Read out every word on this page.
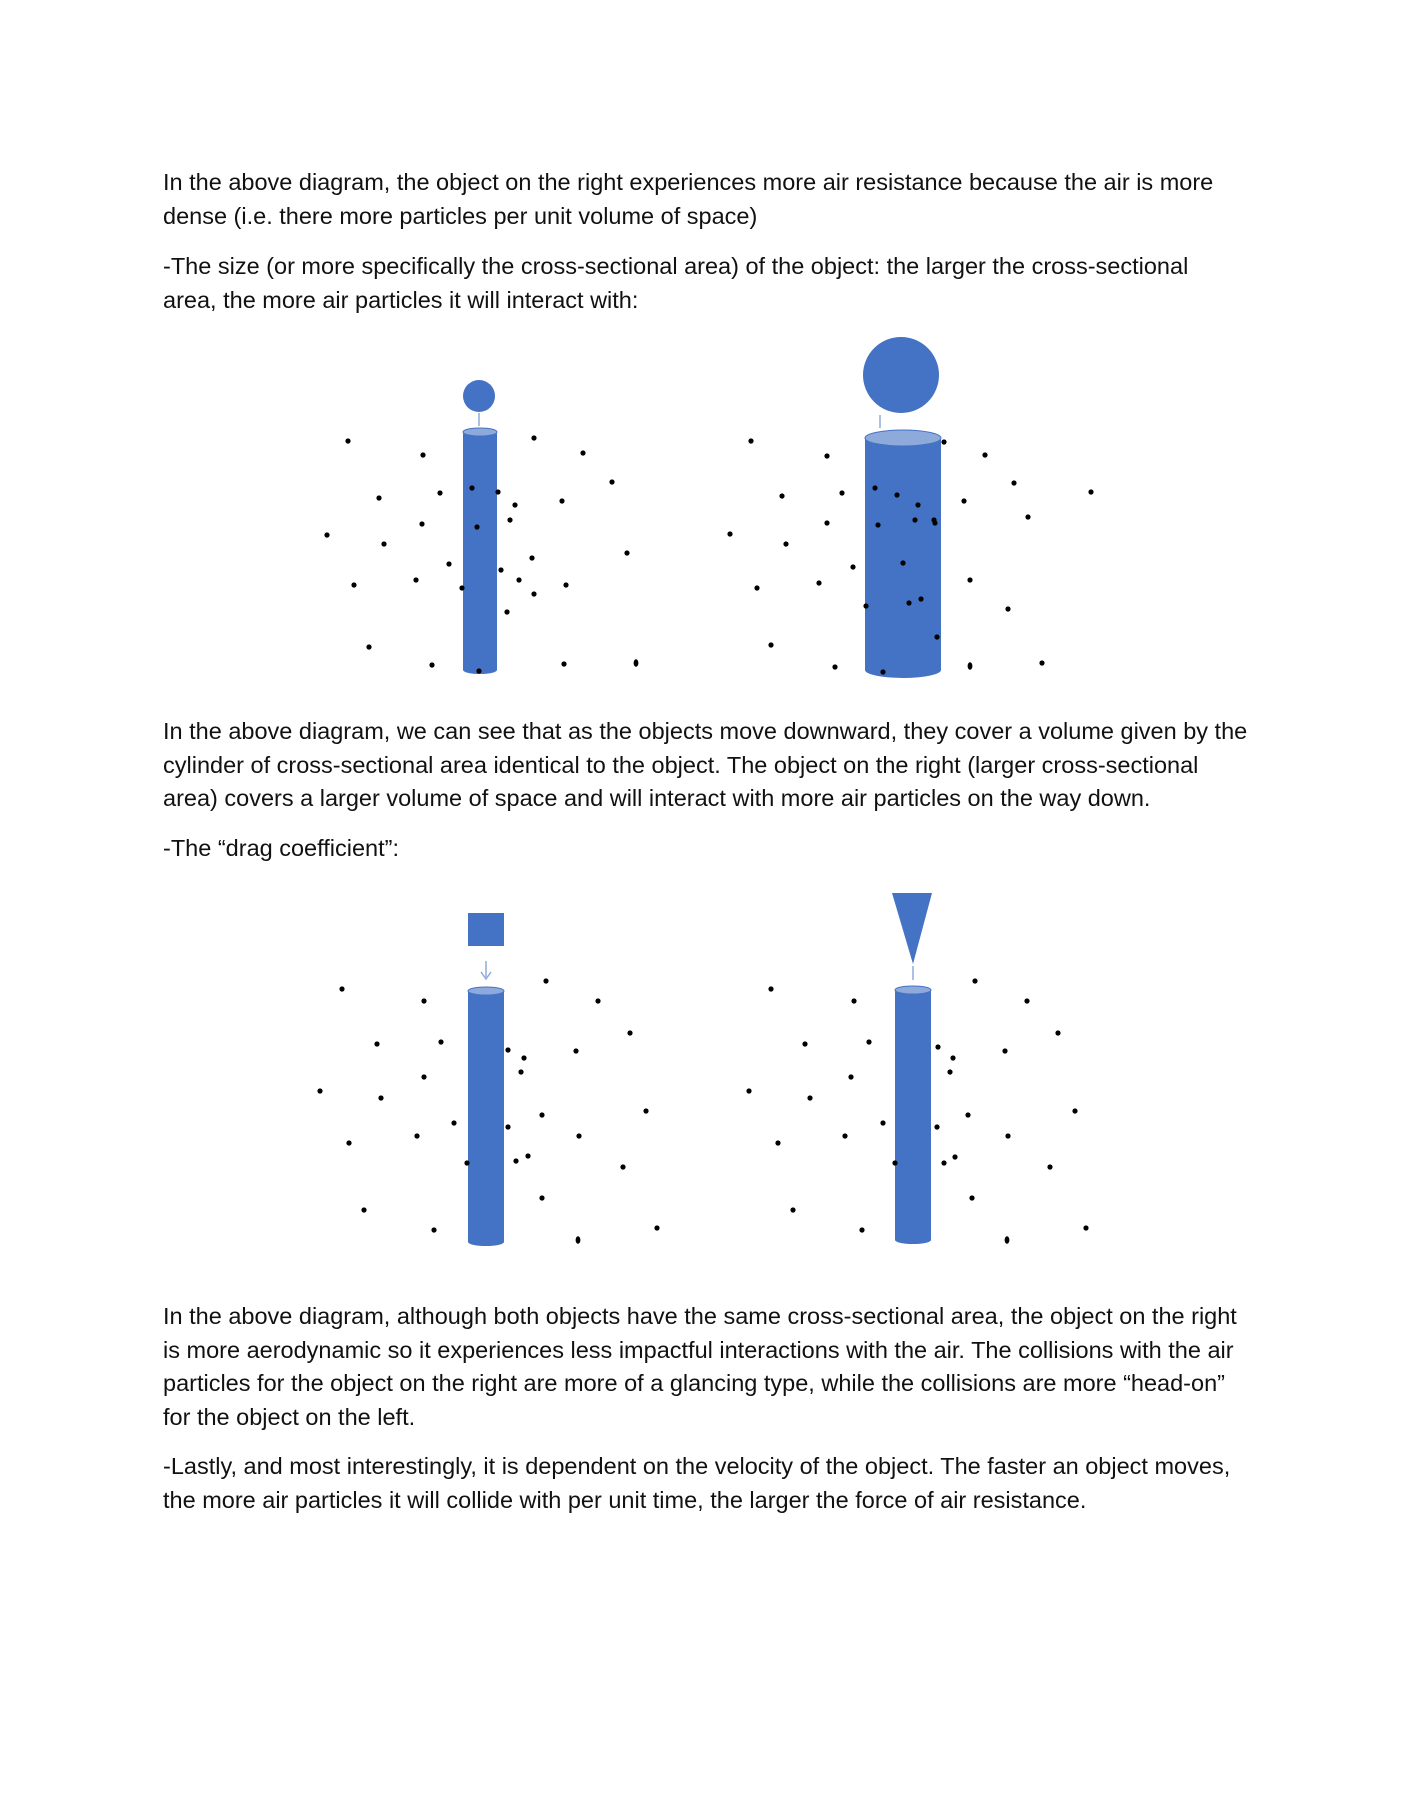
In the above diagram, the object on the right experiences more air resistance because the air is more dense (i.e. there more particles per unit volume of space)

-The size (or more specifically the cross-sectional area) of the object: the larger the cross-sectional area, the more air particles it will interact with:

In the above diagram, we can see that as the objects move downward, they cover a volume given by the cylinder of cross-sectional area identical to the object. The object on the right (larger cross-sectional area) covers a larger volume of space and will interact with more air particles on the way down.

-The “drag coefficient”:

In the above diagram, although both objects have the same cross-sectional area, the object on the right is more aerodynamic so it experiences less impactful interactions with the air. The collisions with the air particles for the object on the right are more of a glancing type, while the collisions are more “head-on” for the object on the left.

-Lastly, and most interestingly, it is dependent on the velocity of the object. The faster an object moves, the more air particles it will collide with per unit time, the larger the force of air resistance.
